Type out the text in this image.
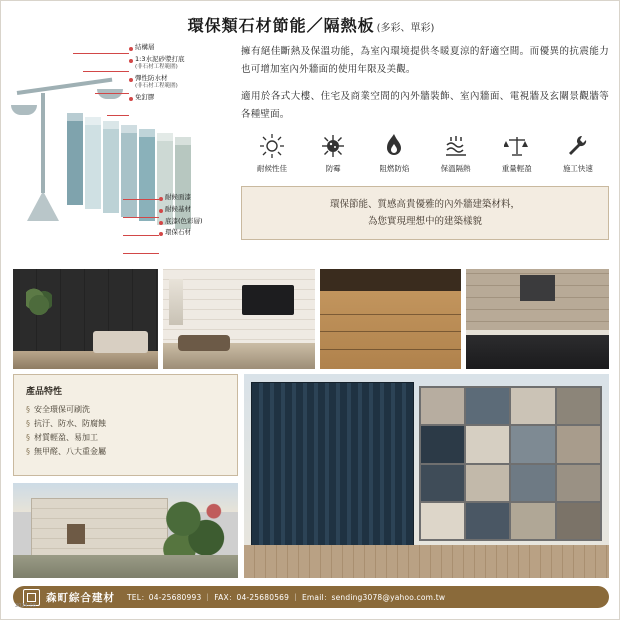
環保類石材節能／隔熱板 (多彩、單彩)
結構層
1:3水泥砂漿打底
(非石材工程範圍)
彈性防水材
(非石材工程範圍)
免釘膠
耐候面漆
耐候基材
底漆(色彩層)
環保石材
擁有絕佳斷熱及保溫功能，為室內環境提供冬暖夏涼的舒適空間。而優異的抗震能力也可增加室內外牆面的使用年限及美觀。
適用於各式大樓、住宅及商業空間的內外牆裝飾、室內牆面、電視牆及玄關景觀牆等各種壁面。
耐候性佳	防霉	阻燃防焰	保溫隔熱	重量輕盈	施工快速
環保節能、質感高貴優雅的內外牆建築材料，
為您實現理想中的建築樣貌
產品特性
§ 安全環保可刷洗
§ 抗汙、防水、防腐蝕
§ 材質輕盈、易加工
§ 無甲醛、八大重金屬
森町綜合建材 TEL：04-25680993 ｜ FAX：04-25680569 ｜ Email：sending3078@yahoo.com.tw
2024-08
